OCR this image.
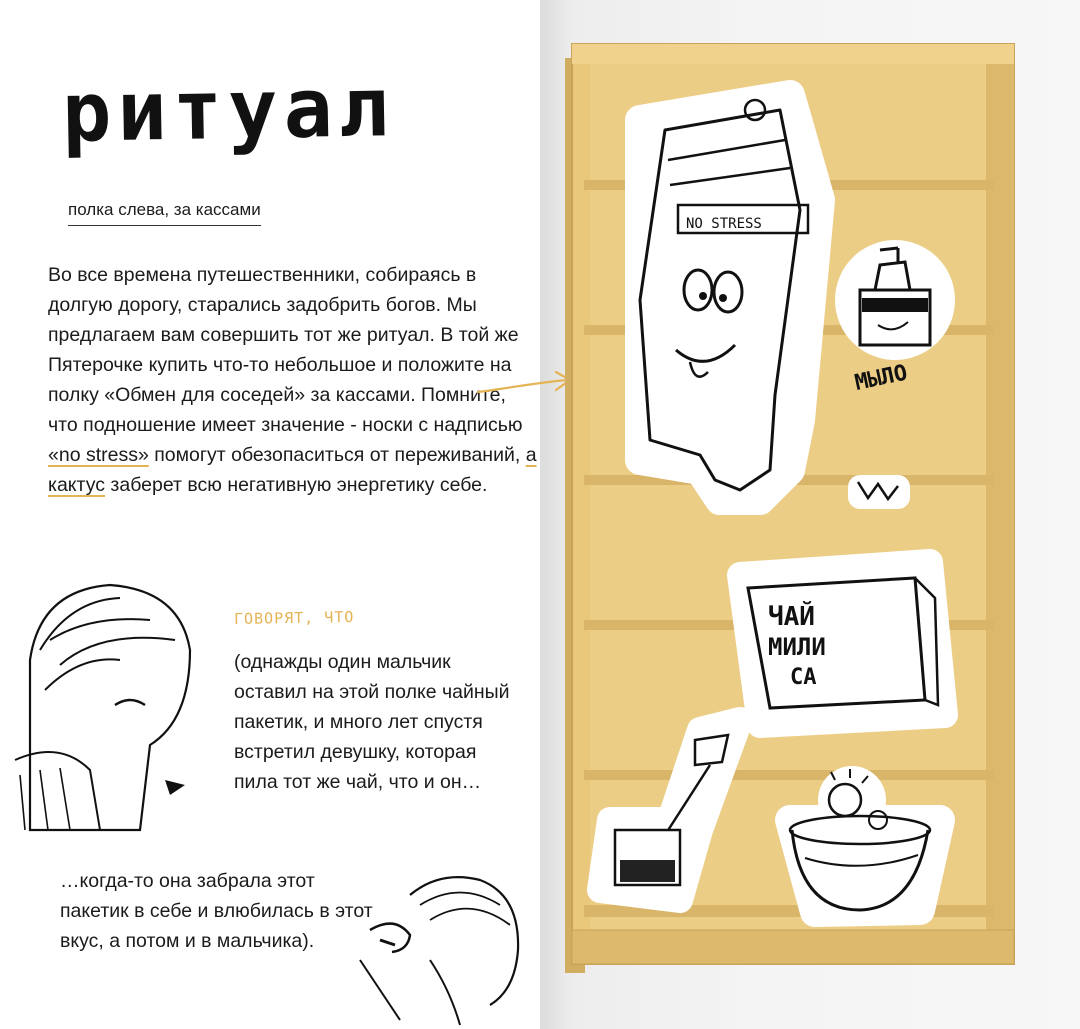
ритуал
полка слева, за кассами
Во все времена путешественники, собираясь в долгую дорогу, старались задобрить богов. Мы предлагаем вам совершить тот же ритуал. В той же Пятерочке купить что-то небольшое и положите на полку «Обмен для соседей» за кассами. Помните, что подношение имеет значение - носки с надписью «no stress» помогут обезопаситься от переживаний, а кактус заберет всю негативную энергетику себе.
ГОВОРЯТ, ЧТО
(однажды один мальчик оставил на этой полке чайный пакетик, и много лет спустя встретил девушку, которая пила тот же чай, что и он…
…когда-то она забрала этот пакетик в себе и влюбилась в этот вкус, а потом и в мальчика).
NO STRESS
МЫЛО
ЧАЙ
МИЛИ
СА
